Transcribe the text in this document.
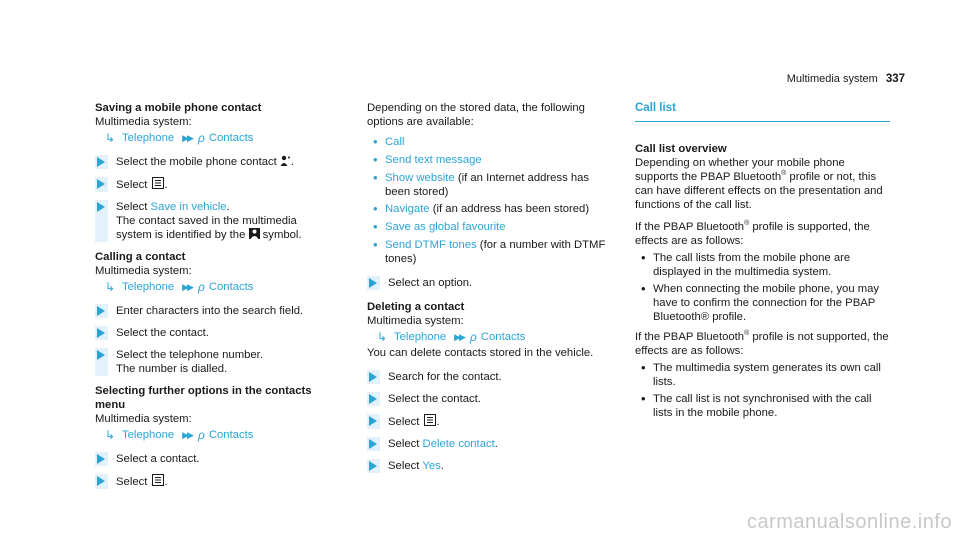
Multimedia system 337
Saving a mobile phone contact
Multimedia system:
↳ Telephone ▶▶ ρ Contacts
Select the mobile phone contact .
Select .
Select Save in vehicle.
The contact saved in the multimedia system is identified by the symbol.
Calling a contact
Multimedia system:
↳ Telephone ▶▶ ρ Contacts
Enter characters into the search field.
Select the contact.
Select the telephone number.
The number is dialled.
Selecting further options in the contacts menu
Multimedia system:
↳ Telephone ▶▶ ρ Contacts
Select a contact.
Select .

Depending on the stored data, the following options are available:

•
Call
•
Send text message
•
Show website (if an Internet address has been stored)
•
Navigate (if an address has been stored)
•
Save as global favourite
•
Send DTMF tones (for a number with DTMF tones)
Select an option.
Deleting a contact
Multimedia system:
↳ Telephone ▶▶ ρ Contacts

You can delete contacts stored in the vehicle.

Search for the contact.
Select the contact.
Select .
Select Delete contact.
Select Yes.
Call list
Call list overview

Depending on whether your mobile phone supports the PBAP Bluetooth® profile or not, this can have different effects on the presentation and functions of the call list.

If the PBAP Bluetooth® profile is supported, the effects are as follows:

•
The call lists from the mobile phone are displayed in the multimedia system.
•
When connecting the mobile phone, you may have to confirm the connection for the PBAP Bluetooth® profile.

If the PBAP Bluetooth® profile is not supported, the effects are as follows:

•
The multimedia system generates its own call lists.
•
The call list is not synchronised with the call lists in the mobile phone.
carmanualsonline.info
